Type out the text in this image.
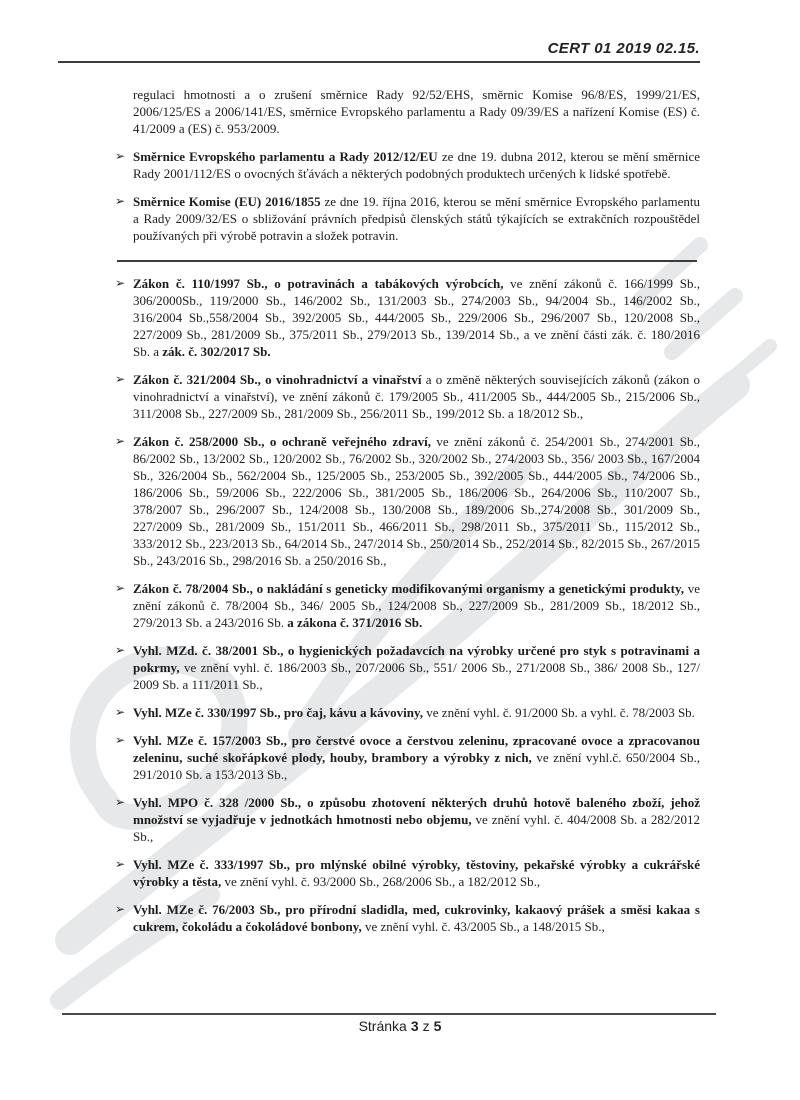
CERT 01 2019 02.15.

regulaci hmotnosti a o zrušení směrnice Rady 92/52/EHS, směrnic Komise 96/8/ES, 1999/21/ES, 2006/125/ES a 2006/141/ES, směrnice Evropského parlamentu a Rady 09/39/ES a nařízení Komise (ES) č. 41/2009 a (ES) č. 953/2009.

➢ Směrnice Evropského parlamentu a Rady 2012/12/EU ze dne 19. dubna 2012, kterou se mění směrnice Rady 2001/112/ES o ovocných šťávách a některých podobných produktech určených k lidské spotřebě.
➢ Směrnice Komise (EU) 2016/1855 ze dne 19. října 2016, kterou se mění směrnice Evropského parlamentu a Rady 2009/32/ES o sbližování právních předpisů členských států týkajících se extrakčních rozpouštědel používaných při výrobě potravin a složek potravin.
➢ Zákon č. 110/1997 Sb., o potravinách a tabákových výrobcích, ve znění zákonů č. 166/1999 Sb., 306/2000Sb., 119/2000 Sb., 146/2002 Sb., 131/2003 Sb., 274/2003 Sb., 94/2004 Sb., 146/2002 Sb., 316/2004 Sb.,558/2004 Sb., 392/2005 Sb., 444/2005 Sb., 229/2006 Sb., 296/2007 Sb., 120/2008 Sb., 227/2009 Sb., 281/2009 Sb., 375/2011 Sb., 279/2013 Sb., 139/2014 Sb., a ve znění části zák. č. 180/2016 Sb. a zák. č. 302/2017 Sb.
➢ Zákon č. 321/2004 Sb., o vinohradnictví a vinařství a o změně některých souvisejících zákonů (zákon o vinohradnictví a vinařství), ve znění zákonů č. 179/2005 Sb., 411/2005 Sb., 444/2005 Sb., 215/2006 Sb., 311/2008 Sb., 227/2009 Sb., 281/2009 Sb., 256/2011 Sb., 199/2012 Sb. a 18/2012 Sb.,
➢ Zákon č. 258/2000 Sb., o ochraně veřejného zdraví, ve znění zákonů č. 254/2001 Sb., 274/2001 Sb., 86/2002 Sb., 13/2002 Sb., 120/2002 Sb., 76/2002 Sb., 320/2002 Sb., 274/2003 Sb., 356/ 2003 Sb., 167/2004 Sb., 326/2004 Sb., 562/2004 Sb., 125/2005 Sb., 253/2005 Sb., 392/2005 Sb., 444/2005 Sb., 74/2006 Sb., 186/2006 Sb., 59/2006 Sb., 222/2006 Sb., 381/2005 Sb., 186/2006 Sb., 264/2006 Sb., 110/2007 Sb., 378/2007 Sb., 296/2007 Sb., 124/2008 Sb., 130/2008 Sb., 189/2006 Sb.,274/2008 Sb., 301/2009 Sb., 227/2009 Sb., 281/2009 Sb., 151/2011 Sb., 466/2011 Sb., 298/2011 Sb., 375/2011 Sb., 115/2012 Sb., 333/2012 Sb., 223/2013 Sb., 64/2014 Sb., 247/2014 Sb., 250/2014 Sb., 252/2014 Sb., 82/2015 Sb., 267/2015 Sb., 243/2016 Sb., 298/2016 Sb. a 250/2016 Sb.,
➢ Zákon č. 78/2004 Sb., o nakládání s geneticky modifikovanými organismy a genetickými produkty, ve znění zákonů č. 78/2004 Sb., 346/ 2005 Sb., 124/2008 Sb., 227/2009 Sb., 281/2009 Sb., 18/2012 Sb., 279/2013 Sb. a 243/2016 Sb. a zákona č. 371/2016 Sb.
➢ Vyhl. MZd. č. 38/2001 Sb., o hygienických požadavcích na výrobky určené pro styk s potravinami a pokrmy, ve znění vyhl. č. 186/2003 Sb., 207/2006 Sb., 551/ 2006 Sb., 271/2008 Sb., 386/ 2008 Sb., 127/ 2009 Sb. a 111/2011 Sb.,
➢ Vyhl. MZe č. 330/1997 Sb., pro čaj, kávu a kávoviny, ve znění vyhl. č. 91/2000 Sb. a vyhl. č. 78/2003 Sb.
➢ Vyhl. MZe č. 157/2003 Sb., pro čerstvé ovoce a čerstvou zeleninu, zpracované ovoce a zpracovanou zeleninu, suché skořápkové plody, houby, brambory a výrobky z nich, ve znění vyhl.č. 650/2004 Sb., 291/2010 Sb. a 153/2013 Sb.,
➢ Vyhl. MPO č. 328 /2000 Sb., o způsobu zhotovení některých druhů hotově baleného zboží, jehož množství se vyjadřuje v jednotkách hmotnosti nebo objemu, ve znění vyhl. č. 404/2008 Sb. a 282/2012 Sb.,
➢ Vyhl. MZe č. 333/1997 Sb., pro mlýnské obilné výrobky, těstoviny, pekařské výrobky a cukrářské výrobky a těsta, ve znění vyhl. č. 93/2000 Sb., 268/2006 Sb., a 182/2012 Sb.,
➢ Vyhl. MZe č. 76/2003 Sb., pro přírodní sladidla, med, cukrovinky, kakaový prášek a směsi kakaa s cukrem, čokoládu a čokoládové bonbony, ve znění vyhl. č. 43/2005 Sb., a 148/2015 Sb.,
Stránka 3 z 5
